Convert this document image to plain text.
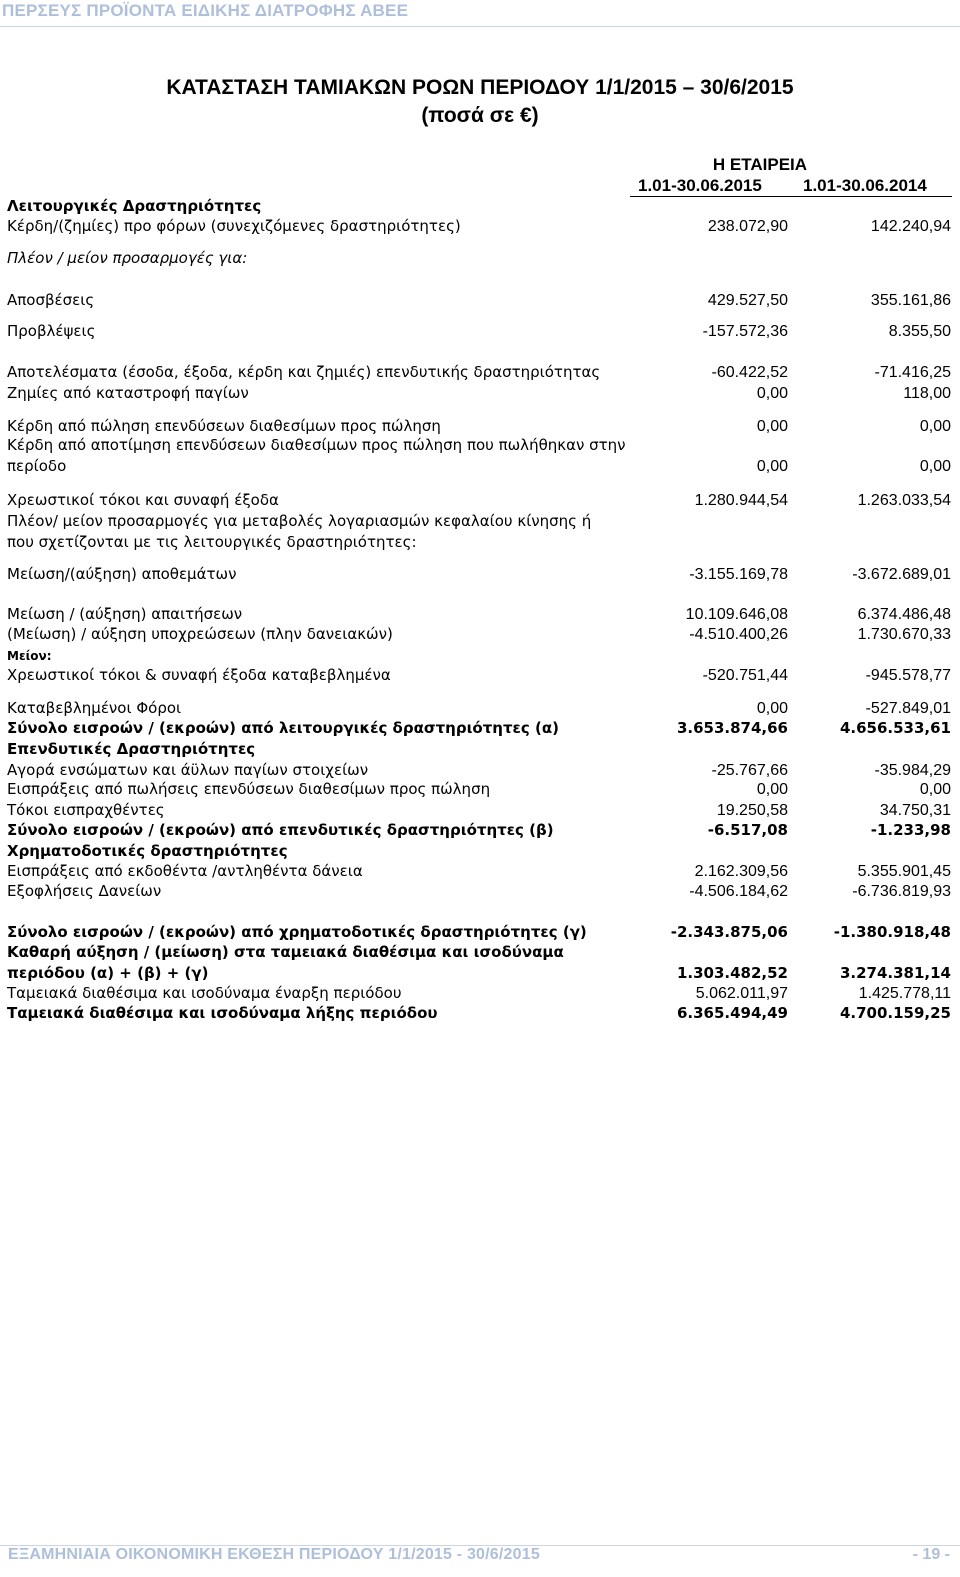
ΠΕΡΣΕΥΣ ΠΡΟΪΟΝΤΑ ΕΙΔΙΚΗΣ ΔΙΑΤΡΟΦΗΣ ΑΒΕΕ
ΚΑΤΑΣΤΑΣΗ ΤΑΜΙΑΚΩΝ ΡΟΩΝ ΠΕΡΙΟΔΟΥ 1/1/2015 – 30/6/2015
(ποσά σε €)
Η ΕΤΑΙΡΕΙΑ
1.01-30.06.2015 1.01-30.06.2014
Λειτουργικές Δραστηριότητες
Κέρδη/(ζημίες) προ φόρων (συνεχιζόμενες δραστηριότητες)	238.072,90	142.240,94
Πλέον / μείον προσαρμογές για:
Αποσβέσεις	429.527,50	355.161,86
Προβλέψεις	-157.572,36	8.355,50
Αποτελέσματα (έσοδα, έξοδα, κέρδη και ζημιές) επενδυτικής δραστηριότητας	-60.422,52	-71.416,25
Ζημίες από καταστροφή παγίων	0,00	118,00
Κέρδη από πώληση επενδύσεων διαθεσίμων προς πώληση	0,00	0,00
Κέρδη από αποτίμηση επενδύσεων διαθεσίμων προς πώληση που πωλήθηκαν στην περίοδο	0,00	0,00
Χρεωστικοί τόκοι και συναφή έξοδα	1.280.944,54	1.263.033,54
Πλέον/ μείον προσαρμογές για μεταβολές λογαριασμών κεφαλαίου κίνησης ή που σχετίζονται με τις λειτουργικές δραστηριότητες:
Μείωση/(αύξηση) αποθεμάτων	-3.155.169,78	-3.672.689,01
Μείωση / (αύξηση) απαιτήσεων	10.109.646,08	6.374.486,48
(Μείωση) / αύξηση υποχρεώσεων (πλην δανειακών)	-4.510.400,26	1.730.670,33
Μείον:
Χρεωστικοί τόκοι & συναφή έξοδα καταβεβλημένα	-520.751,44	-945.578,77
Καταβεβλημένοι Φόροι	0,00	-527.849,01
Σύνολο εισροών / (εκροών) από λειτουργικές δραστηριότητες (α)	3.653.874,66	4.656.533,61
Επενδυτικές Δραστηριότητες
Αγορά ενσώματων και άϋλων παγίων στοιχείων	-25.767,66	-35.984,29
Εισπράξεις από πωλήσεις επενδύσεων διαθεσίμων προς πώληση	0,00	0,00
Τόκοι εισπραχθέντες	19.250,58	34.750,31
Σύνολο εισροών / (εκροών) από επενδυτικές δραστηριότητες (β)	-6.517,08	-1.233,98
Χρηματοδοτικές δραστηριότητες
Εισπράξεις από εκδοθέντα /αντληθέντα δάνεια	2.162.309,56	5.355.901,45
Εξοφλήσεις Δανείων	-4.506.184,62	-6.736.819,93
Σύνολο εισροών / (εκροών) από χρηματοδοτικές δραστηριότητες (γ)	-2.343.875,06	-1.380.918,48
Καθαρή αύξηση / (μείωση) στα ταμειακά διαθέσιμα και ισοδύναμα περιόδου (α) + (β) + (γ)	1.303.482,52	3.274.381,14
Ταμειακά διαθέσιμα και ισοδύναμα έναρξη περιόδου	5.062.011,97	1.425.778,11
Ταμειακά διαθέσιμα και ισοδύναμα λήξης περιόδου	6.365.494,49	4.700.159,25
ΕΞΑΜΗΝΙΑΙΑ ΟΙΚΟΝΟΜΙΚΗ ΕΚΘΕΣΗ ΠΕΡΙΟΔΟΥ 1/1/2015 - 30/6/2015	- 19 -
